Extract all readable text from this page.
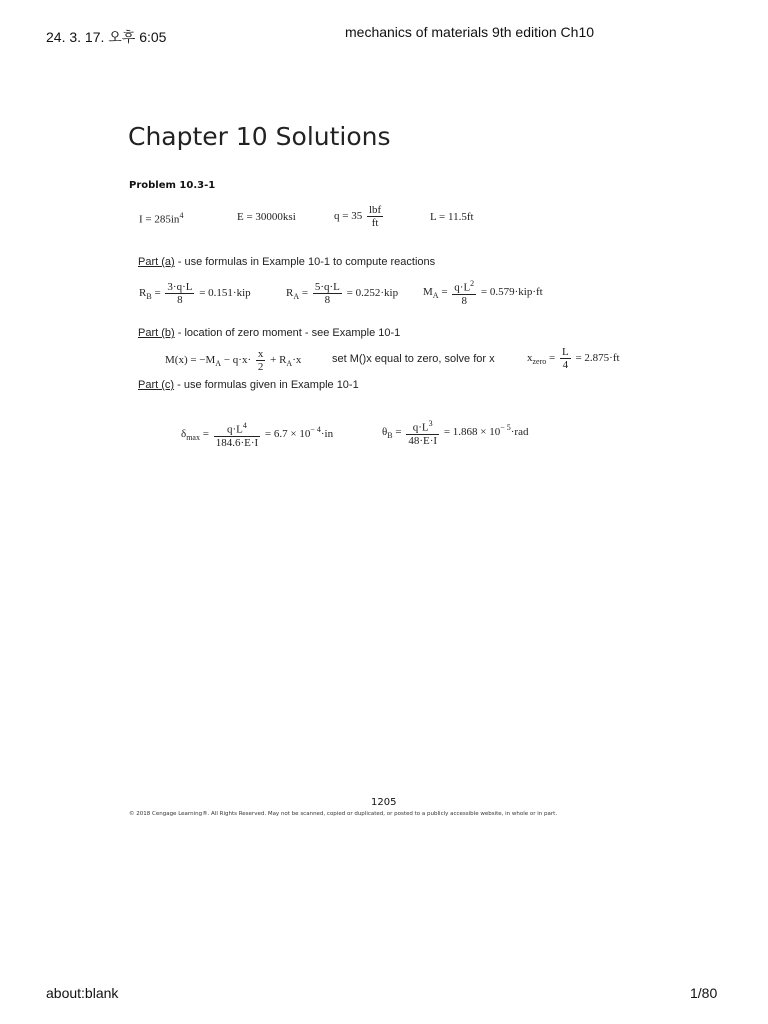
24. 3. 17. 오후 6:05	mechanics of materials 9th edition Ch10
Chapter 10 Solutions
Problem 10.3-1
$I = 285in^4$	E = 30000ksi	$q = 35 \frac{\text{lbf}}{ft}$	L = 11.5ft
Part (a) - use formulas in Example 10-1 to compute reactions
$R_B = \frac{3\cdot q\cdot L}{8} = 0.151\cdot kip$	$R_A = \frac{5\cdot q\cdot L}{8} = 0.252\cdot kip$ $M_A = \frac{q\cdot L^2}{8} = 0.579\cdot kip\cdot ft$
Part (b) - location of zero moment - see Example 10-1
$M(x) = -M_A - q\cdot x\cdot \frac{x}{2} + R_A\cdot x$	set M()x equal to zero, solve for x	$x_{zero} = \frac{L}{4} = 2.875\cdot ft$
Part (c) - use formulas given in Example 10-1
$\delta_{max} = \frac{q\cdot L^4}{184.6\cdot E\cdot I} = 6.7 \times 10^{- 4}\cdot in$	$\theta_B = \frac{q\cdot L^3}{48\cdot E\cdot I} = 1.868 \times 10^{- 5}\cdot rad$
1205
© 2018 Cengage Learning®. All Rights Reserved. May not be scanned, copied or duplicated, or posted to a publicly accessible website, in whole or in part.
about:blank	1/80
